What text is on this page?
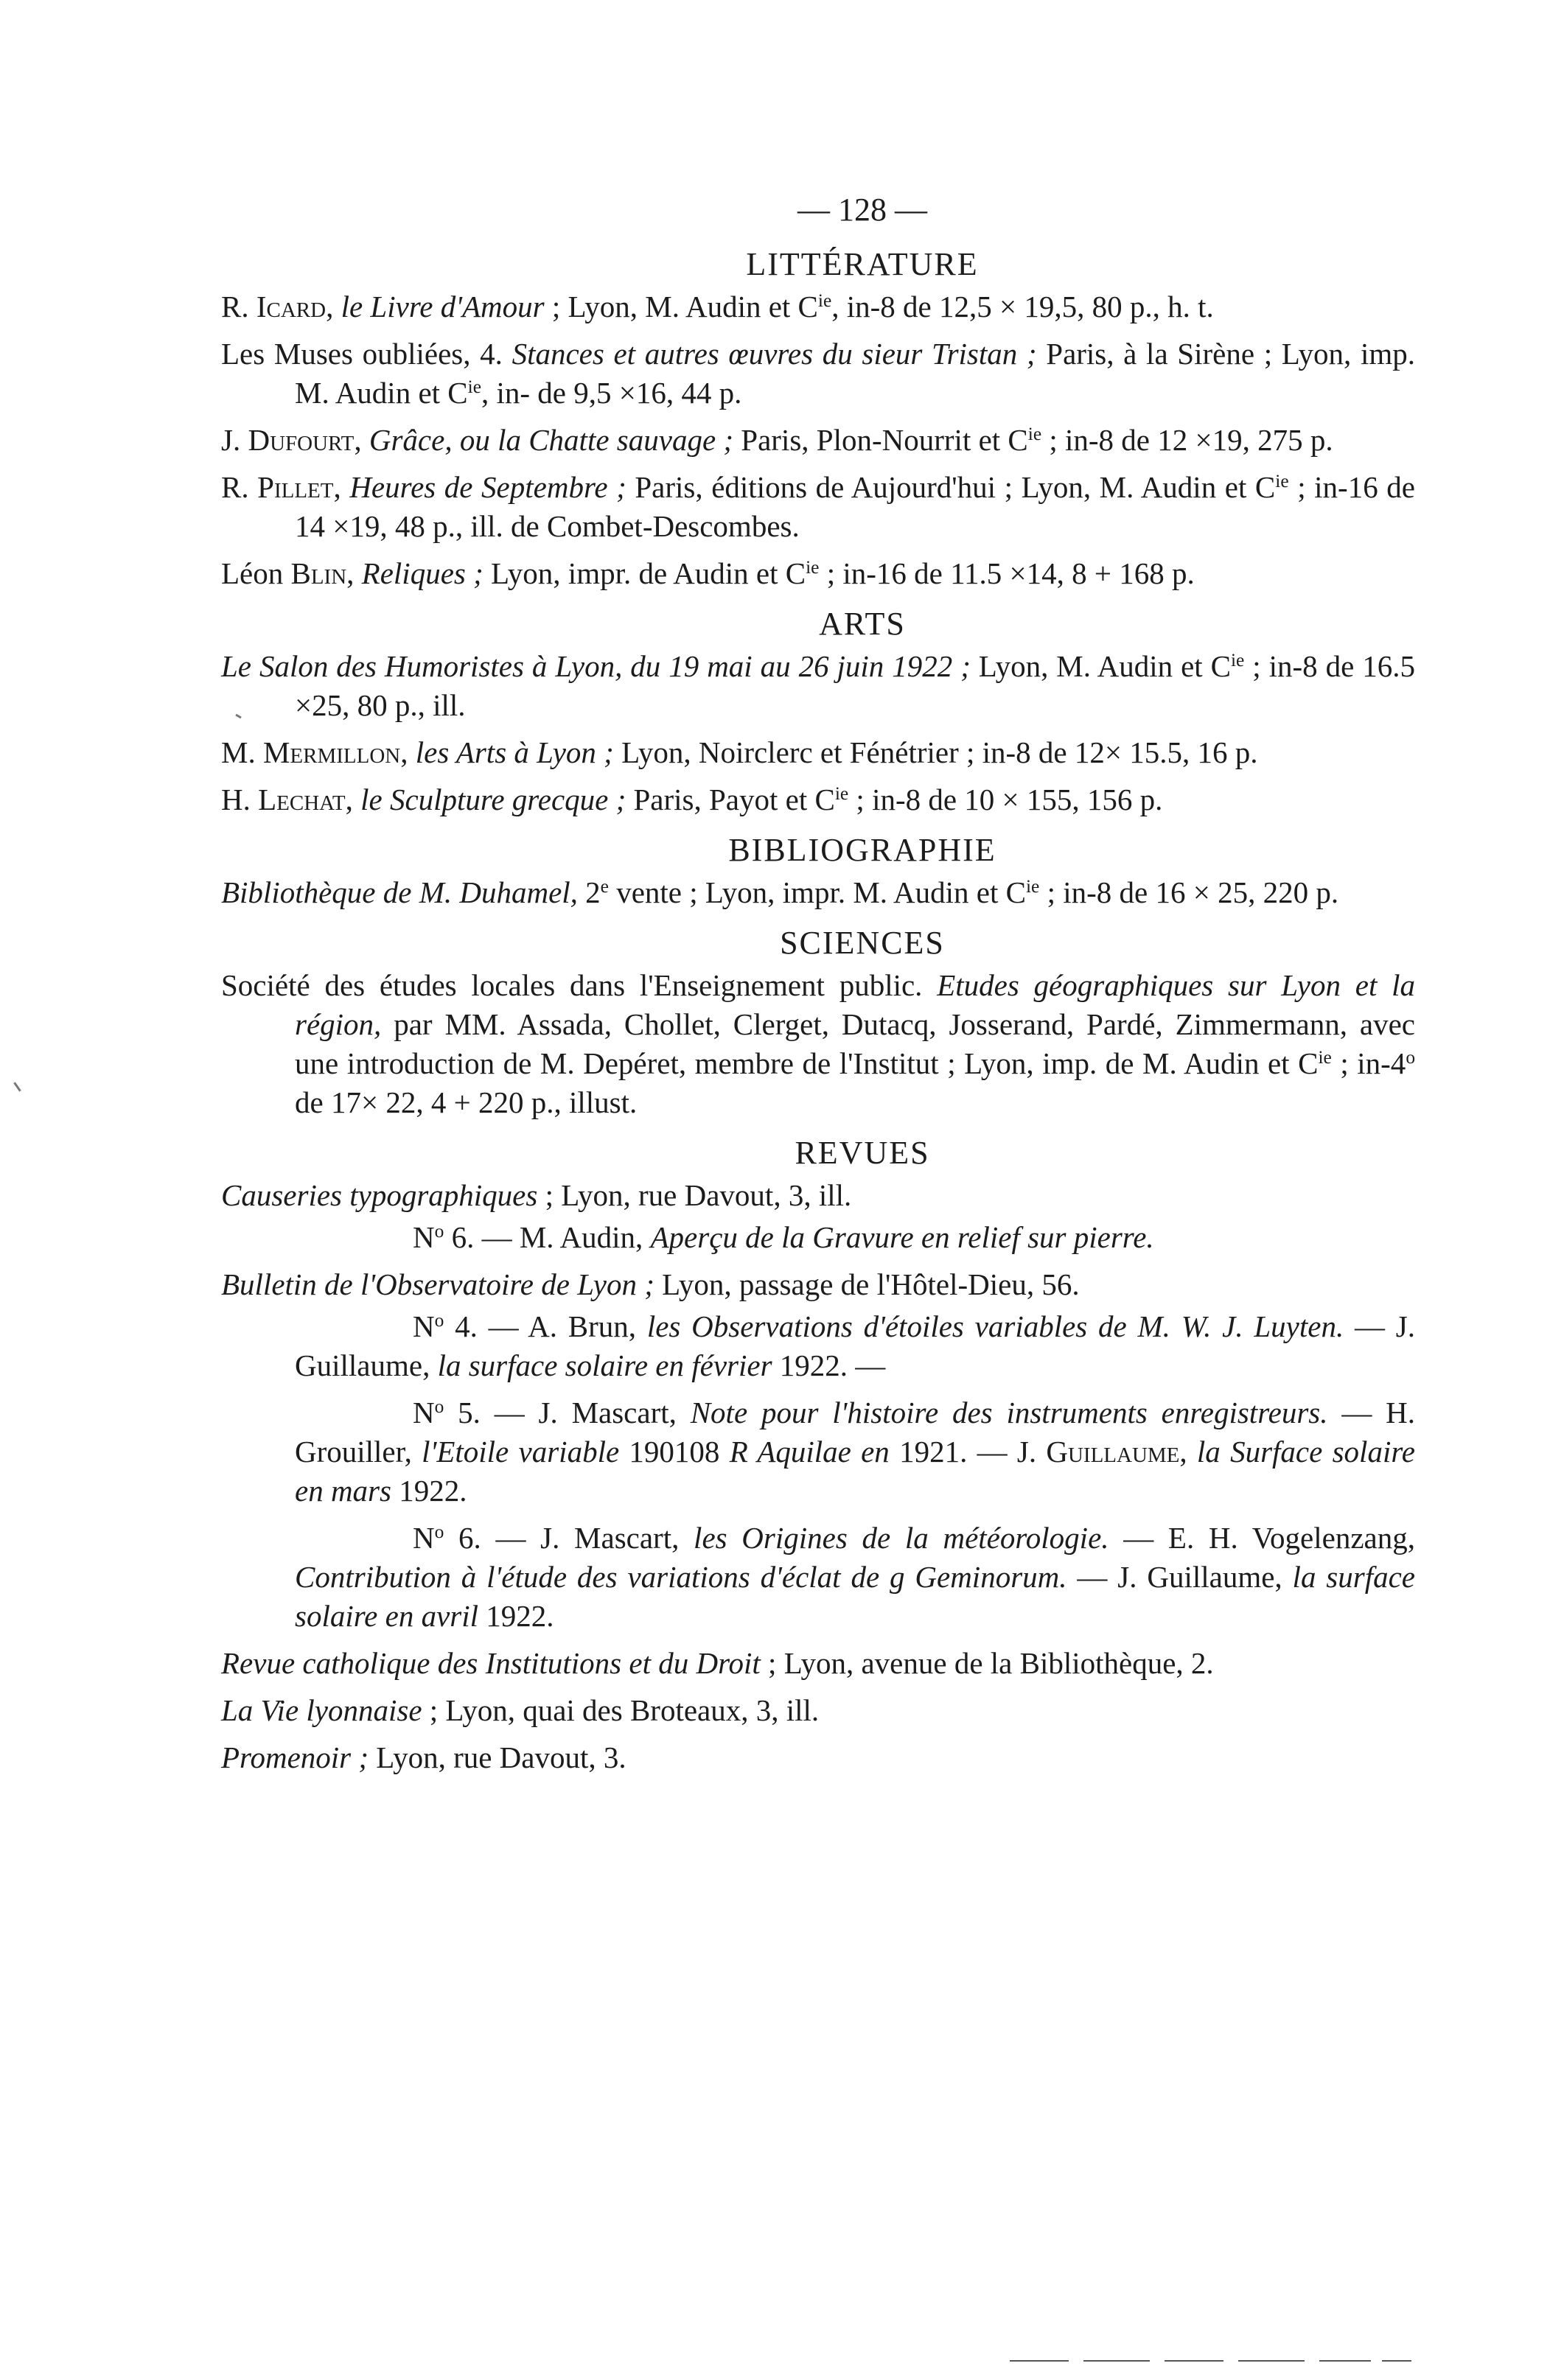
— 128 —
LITTÉRATURE
R. Icard, le Livre d'Amour ; Lyon, M. Audin et $C^{ie}$, in-8 de 12,5 × 19,5, 80 p., h. t.
Les Muses oubliées, 4. Stances et autres œuvres du sieur Tristan ; Paris, à la Sirène ; Lyon, imp. M. Audin et $C^{ie}$, in- de 9,5 ×16, 44 p.
J. Dufourt, Grâce, ou la Chatte sauvage ; Paris, Plon-Nourrit et $C^{ie}$ ; in-8 de 12 ×19, 275 p.
R. Pillet, Heures de Septembre ; Paris, éditions de Aujourd'hui ; Lyon, M. Audin et $C^{ie}$ ; in-16 de 14 ×19, 48 p., ill. de Combet-Descombes.
Léon Blin, Reliques ; Lyon, impr. de Audin et $C^{ie}$ ; in-16 de 11.5 ×14, 8 + 168 p.
ARTS
Le Salon des Humoristes à Lyon, du 19 mai au 26 juin 1922 ; Lyon, M. Audin et $C^{ie}$ ; in-8 de 16.5 ×25, 80 p., ill.
M. Mermillon, les Arts à Lyon ; Lyon, Noirclerc et Fénétrier ; in-8 de 12× 15.5, 16 p.
H. Lechat, le Sculpture grecque ; Paris, Payot et $C^{ie}$ ; in-8 de 10 × 155, 156 p.
BIBLIOGRAPHIE
Bibliothèque de M. Duhamel, 2e vente ; Lyon, impr. M. Audin et $C^{ie}$ ; in-8 de 16 × 25, 220 p.
SCIENCES
Société des études locales dans l'Enseignement public. Etudes géographiques sur Lyon et la région, par MM. Assada, Chollet, Clerget, Dutacq, Josserand, Pardé, Zimmermann, avec une introduction de M. Depéret, membre de l'Institut ; Lyon, imp. de M. Audin et $C^{ie}$ ; in-4$^o$ de 17× 22, 4 + 220 p., illust.
REVUES
Causeries typographiques ; Lyon, rue Davout, 3, ill.
$N^o$ 6. — M. Audin, Aperçu de la Gravure en relief sur pierre.
Bulletin de l'Observatoire de Lyon ; Lyon, passage de l'Hôtel-Dieu, 56.
$N^o$ 4. — A. Brun, les Observations d'étoiles variables de M. W. J. Luyten. — J. Guillaume, la surface solaire en février 1922. —
$N^o$ 5. — J. Mascart, Note pour l'histoire des instruments enregistreurs. — H. Grouiller, l'Etoile variable 190108 R Aquilae en 1921. — J. Guillaume, la Surface solaire en mars 1922.
$N^o$ 6. — J. Mascart, les Origines de la météorologie. — E. H. Vogelenzang, Contribution à l'étude des variations d'éclat de g Geminorum. — J. Guillaume, la surface solaire en avril 1922.
Revue catholique des Institutions et du Droit ; Lyon, avenue de la Bibliothèque, 2.
La Vie lyonnaise ; Lyon, quai des Broteaux, 3, ill.
Promenoir ; Lyon, rue Davout, 3.
